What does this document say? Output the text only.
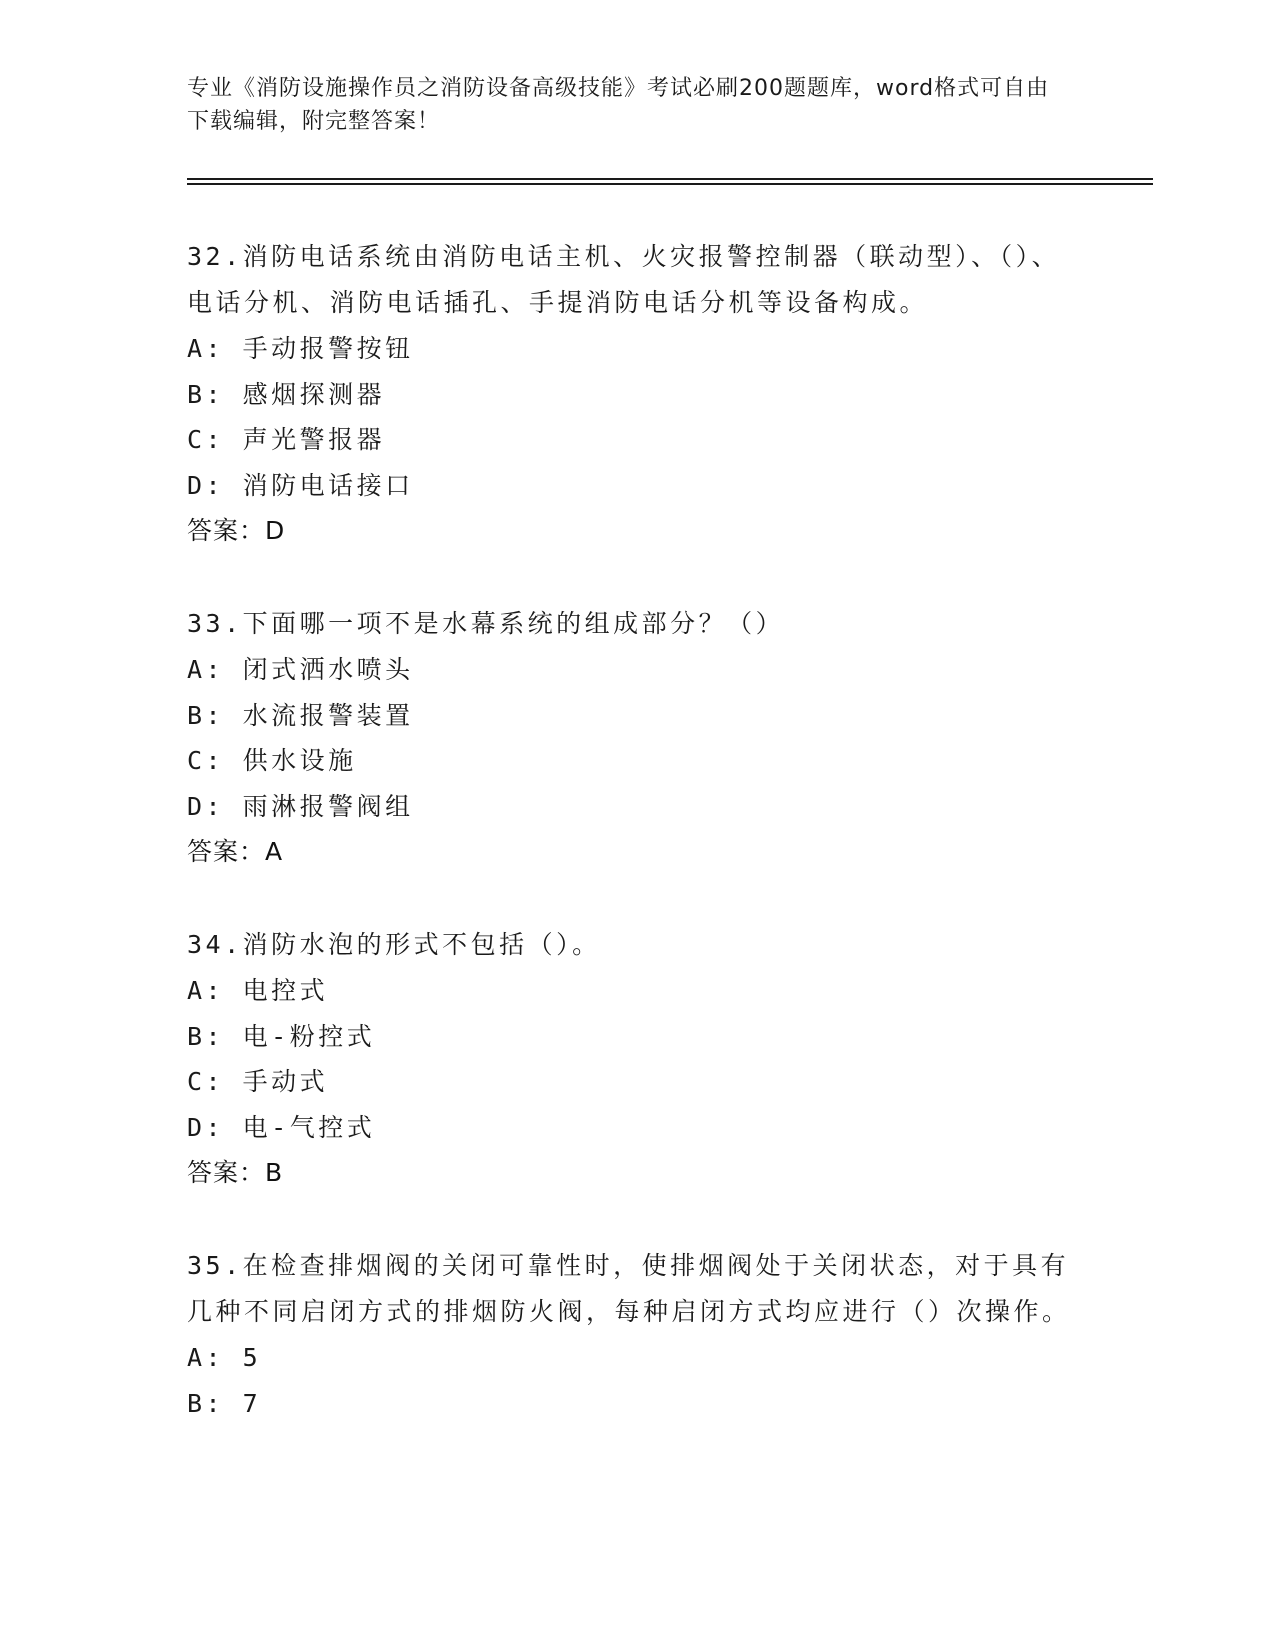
专业《消防设施操作员之消防设备高级技能》考试必刷200题题库，word格式可自由下载编辑，附完整答案！
32.消防电话系统由消防电话主机、火灾报警控制器（联动型）、（）、电话分机、消防电话插孔、手提消防电话分机等设备构成。
A: 手动报警按钮
B: 感烟探测器
C: 声光警报器
D: 消防电话接口
答案：D
33.下面哪一项不是水幕系统的组成部分？（）
A: 闭式洒水喷头
B: 水流报警装置
C: 供水设施
D: 雨淋报警阀组
答案：A
34.消防水泡的形式不包括（）。
A: 电控式
B: 电-粉控式
C: 手动式
D: 电-气控式
答案：B
35.在检查排烟阀的关闭可靠性时，使排烟阀处于关闭状态，对于具有几种不同启闭方式的排烟防火阀，每种启闭方式均应进行（）次操作。
A: 5
B: 7
